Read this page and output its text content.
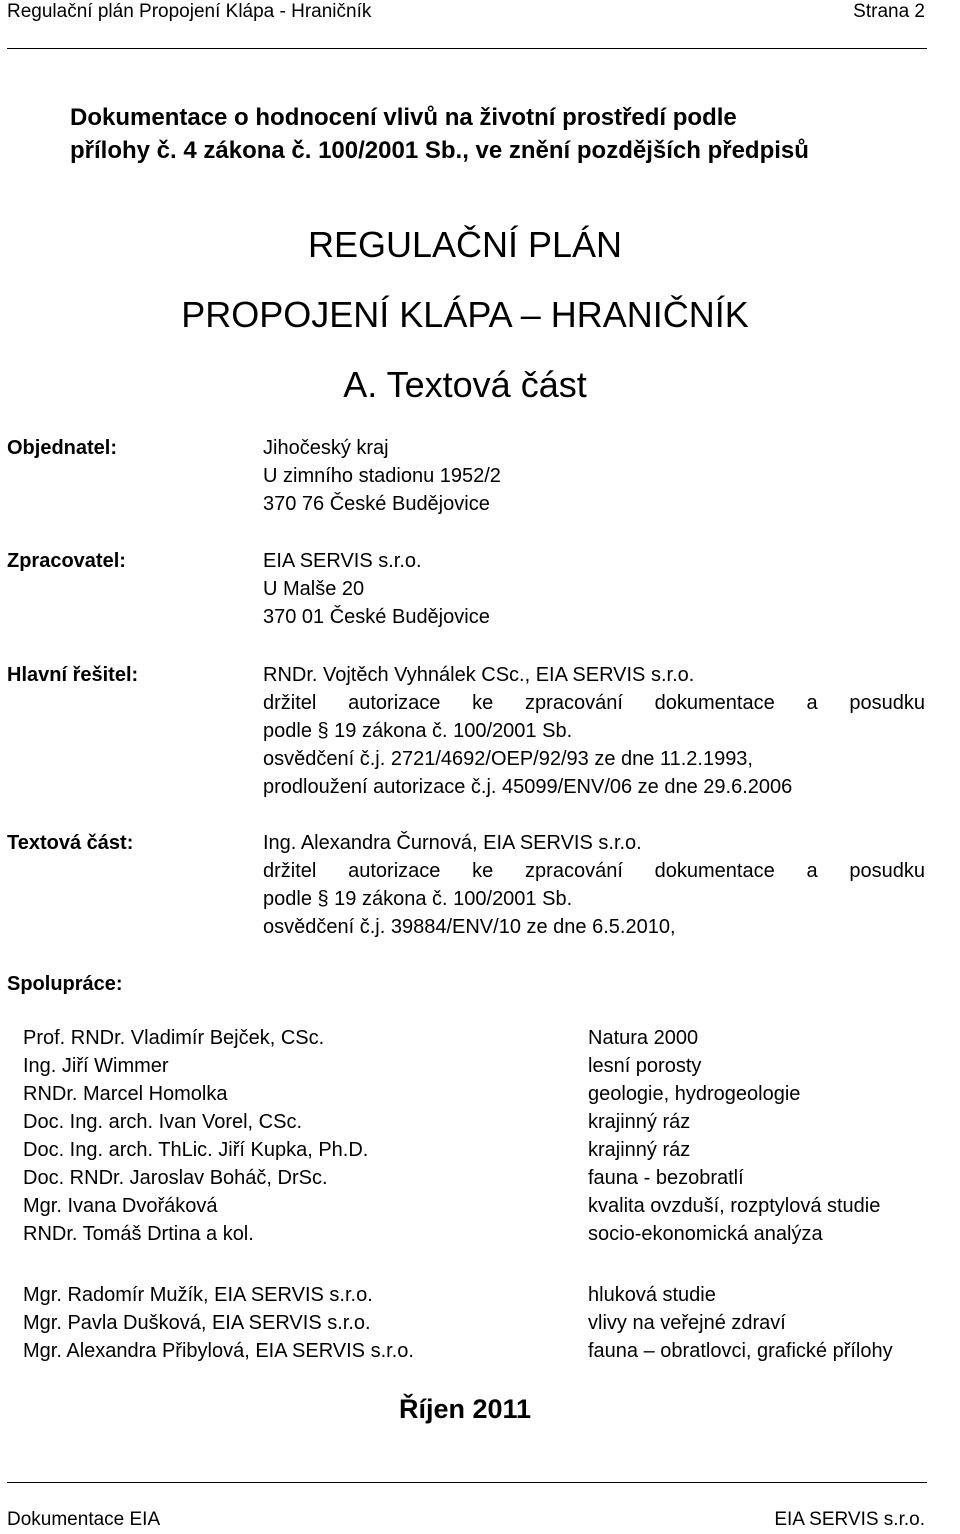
Regulační plán Propojení Klápa - Hraničník	Strana 2
Dokumentace o hodnocení vlivů na životní prostředí podle
přílohy č. 4 zákona č. 100/2001 Sb., ve znění pozdějších předpisů
REGULAČNÍ PLÁN
PROPOJENÍ KLÁPA – HRANIČNÍK
A. Textová část
Objednatel:	Jihočeský kraj
U zimního stadionu 1952/2
370 76 České Budějovice
Zpracovatel:	EIA SERVIS s.r.o.
U Malše 20
370 01 České Budějovice
Hlavní řešitel:	RNDr. Vojtěch Vyhnálek CSc., EIA SERVIS s.r.o.
držitel autorizace ke zpracování dokumentace a posudku
podle § 19 zákona č. 100/2001 Sb.
osvědčení č.j. 2721/4692/OEP/92/93 ze dne 11.2.1993,
prodloužení autorizace č.j. 45099/ENV/06 ze dne 29.6.2006
Textová část:	Ing. Alexandra Čurnová, EIA SERVIS s.r.o.
držitel autorizace ke zpracování dokumentace a posudku
podle § 19 zákona č. 100/2001 Sb.
osvědčení č.j. 39884/ENV/10 ze dne 6.5.2010,
Spolupráce:
Prof. RNDr. Vladimír Bejček, CSc.	Natura 2000
Ing. Jiří Wimmer	lesní porosty
RNDr. Marcel Homolka	geologie, hydrogeologie
Doc. Ing. arch. Ivan Vorel, CSc.	krajinný ráz
Doc. Ing. arch. ThLic. Jiří Kupka, Ph.D.	krajinný ráz
Doc. RNDr. Jaroslav Boháč, DrSc.	fauna - bezobratlí
Mgr. Ivana Dvořáková	kvalita ovzduší, rozptylová studie
RNDr. Tomáš Drtina a kol.	socio-ekonomická analýza
Mgr. Radomír Mužík, EIA SERVIS s.r.o.	hluková studie
Mgr. Pavla Dušková, EIA SERVIS s.r.o.	vlivy na veřejné zdraví
Mgr. Alexandra Přibylová, EIA SERVIS s.r.o.	fauna – obratlovci, grafické přílohy
Říjen 2011
Dokumentace EIA	EIA SERVIS s.r.o.
